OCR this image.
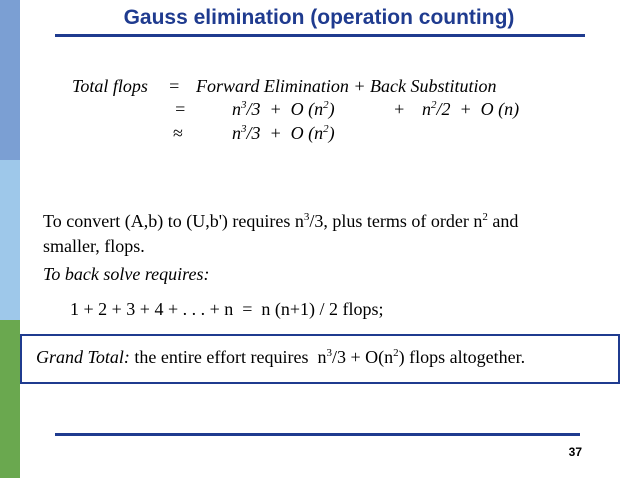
Gauss elimination (operation counting)
Total flops = Forward Elimination + Back Substitution
=	$n^3/3 + O$ $(n^2)$	+ $n^2/2 + O$ (n)
≈	$n^3/3 + O$ $(n^2)$
To convert (A,b) to (U,b') requires $n^3/3$, plus terms of order $n^2$ and
smaller, flops.
To back solve requires:
1 + 2 + 3 + 4 + . . . + n  =  n (n+1) / 2 flops;
Grand Total: the entire effort requires  $n^3/3 + O(n^2)$ flops altogether.
37
